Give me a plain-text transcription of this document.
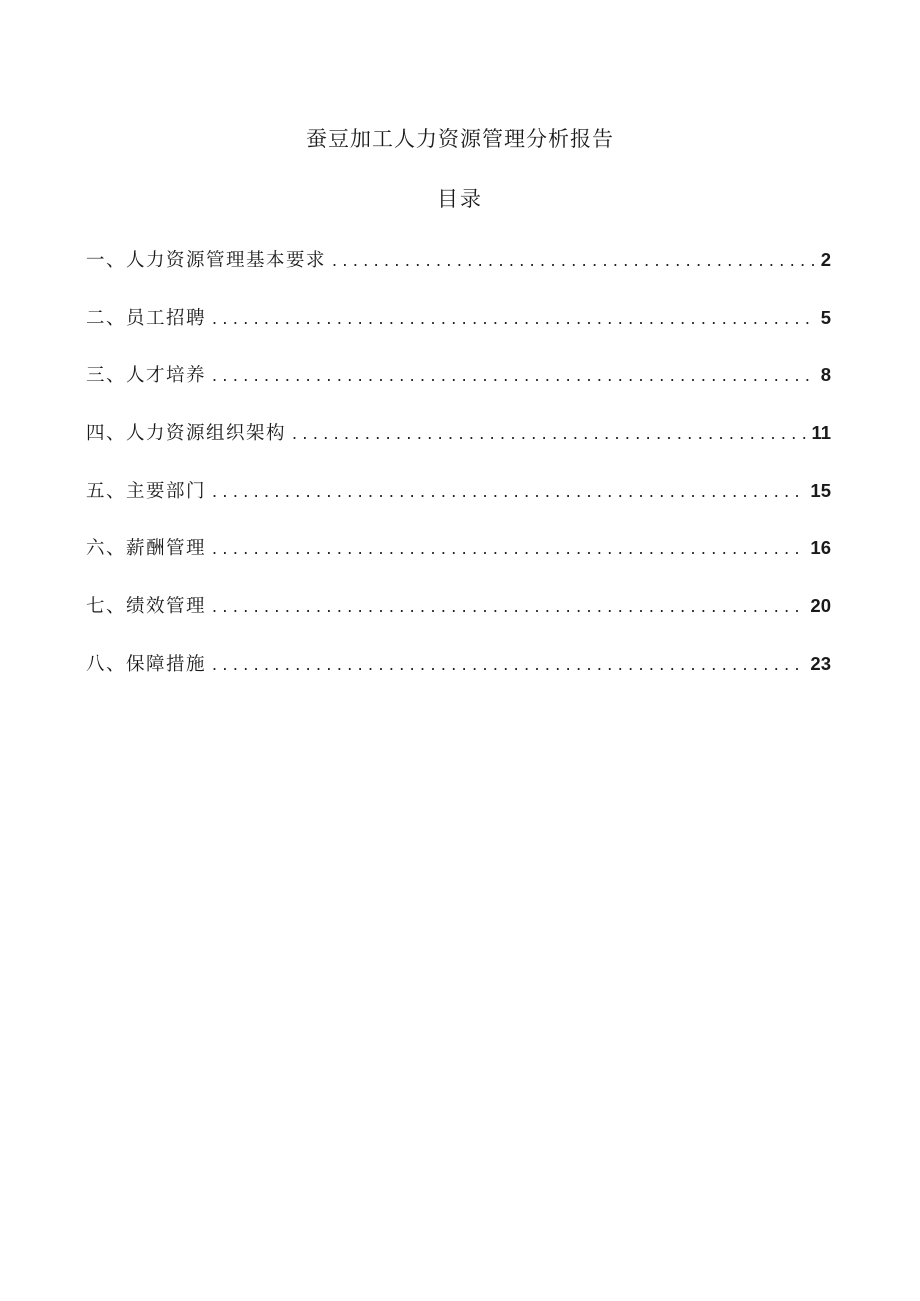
蚕豆加工人力资源管理分析报告
目录
一、人力资源管理基本要求 . . .	2
二、员工招聘 . . .	5
三、人才培养 . . .	8
四、人力资源组织架构 . . .	11
五、主要部门 . . .	15
六、薪酬管理 . . .	16
七、绩效管理 . . .	20
八、保障措施 . . .	23
